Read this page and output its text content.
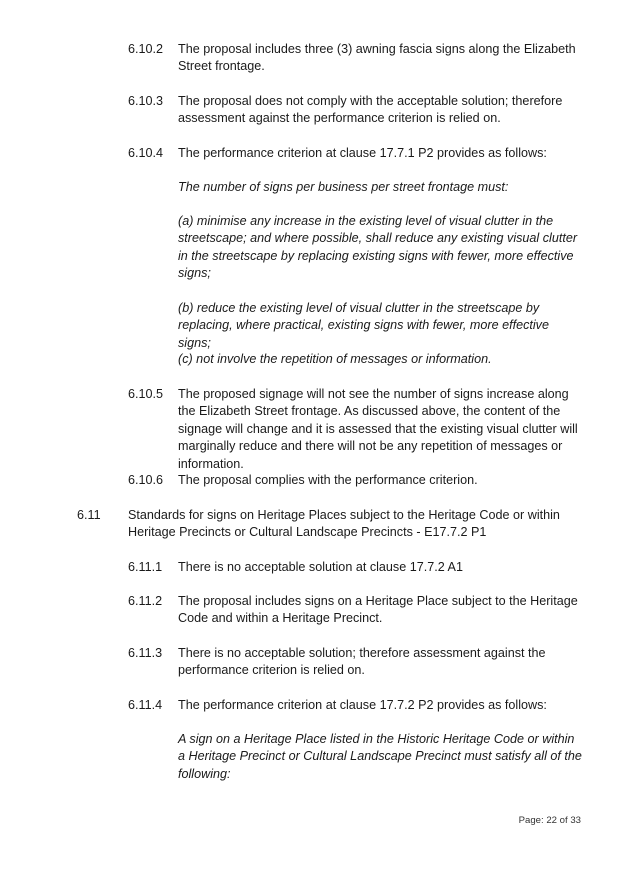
6.10.2 The proposal includes three (3) awning fascia signs along the Elizabeth Street frontage.
6.10.3 The proposal does not comply with the acceptable solution; therefore assessment against the performance criterion is relied on.
6.10.4 The performance criterion at clause 17.7.1 P2 provides as follows:
The number of signs per business per street frontage must:
(a) minimise any increase in the existing level of visual clutter in the streetscape; and where possible, shall reduce any existing visual clutter in the streetscape by replacing existing signs with fewer, more effective signs;
(b) reduce the existing level of visual clutter in the streetscape by replacing, where practical, existing signs with fewer, more effective signs;
(c) not involve the repetition of messages or information.
6.10.5 The proposed signage will not see the number of signs increase along the Elizabeth Street frontage. As discussed above, the content of the signage will change and it is assessed that the existing visual clutter will marginally reduce and there will not be any repetition of messages or information.
6.10.6 The proposal complies with the performance criterion.
6.11 Standards for signs on Heritage Places subject to the Heritage Code or within Heritage Precincts or Cultural Landscape Precincts - E17.7.2 P1
6.11.1 There is no acceptable solution at clause 17.7.2 A1
6.11.2 The proposal includes signs on a Heritage Place subject to the Heritage Code and within a Heritage Precinct.
6.11.3 There is no acceptable solution; therefore assessment against the performance criterion is relied on.
6.11.4 The performance criterion at clause 17.7.2 P2 provides as follows:
A sign on a Heritage Place listed in the Historic Heritage Code or within a Heritage Precinct or Cultural Landscape Precinct must satisfy all of the following:
Page: 22 of 33
